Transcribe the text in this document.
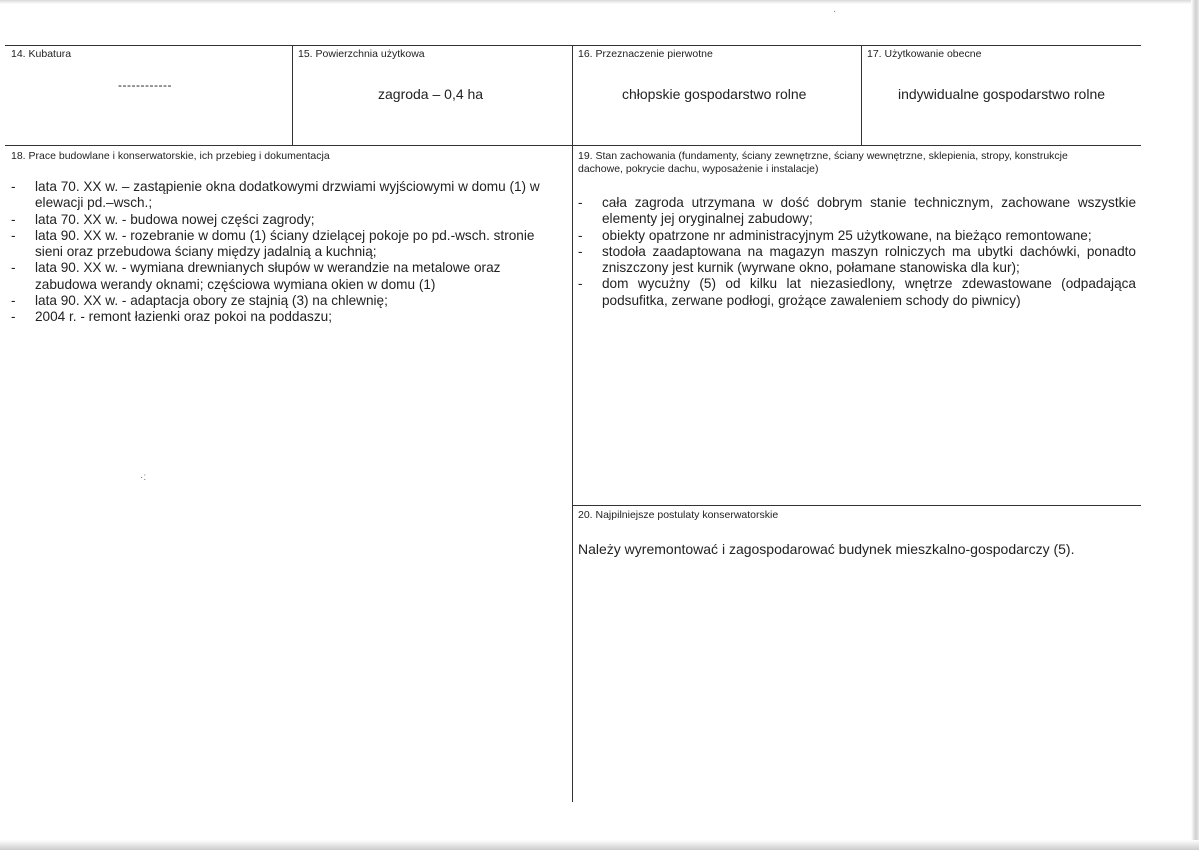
14. Kubatura
------------
15. Powierzchnia użytkowa
zagroda – 0,4 ha
16. Przeznaczenie pierwotne
chłopskie gospodarstwo rolne
17. Użytkowanie obecne
indywidualne gospodarstwo rolne
18. Prace budowlane i konserwatorskie, ich przebieg i dokumentacja
- lata 70. XX w. – zastąpienie okna dodatkowymi drzwiami wyjściowymi w domu (1) w elewacji pd.–wsch.;
- lata 70. XX w. - budowa nowej części zagrody;
- lata 90. XX w. - rozebranie w domu (1) ściany dzielącej pokoje po pd.-wsch. stronie sieni oraz przebudowa ściany między jadalnią a kuchnią;
- lata 90. XX w. - wymiana drewnianych słupów w werandzie na metalowe oraz zabudowa werandy oknami; częściowa wymiana okien w domu (1)
- lata 90. XX w. - adaptacja obory ze stajnią (3) na chlewnię;
- 2004 r. - remont łazienki oraz pokoi na poddaszu;
19. Stan zachowania (fundamenty, ściany zewnętrzne, ściany wewnętrzne, sklepienia, stropy, konstrukcje dachowe, pokrycie dachu, wyposażenie i instalacje)
- cała zagroda utrzymana w dość dobrym stanie technicznym, zachowane wszystkie elementy jej oryginalnej zabudowy;
- obiekty opatrzone nr administracyjnym 25 użytkowane, na bieżąco remontowane;
- stodoła zaadaptowana na magazyn maszyn rolniczych ma ubytki dachówki, ponadto zniszczony jest kurnik (wyrwane okno, połamane stanowiska dla kur);
- dom wycużny (5) od kilku lat niezasiedlony, wnętrze zdewastowane (odpadająca podsufitka, zerwane podłogi, grożące zawaleniem schody do piwnicy)
20. Najpilniejsze postulaty konserwatorskie
Należy wyremontować i zagospodarować budynek mieszkalno-gospodarczy (5).
·:
·
